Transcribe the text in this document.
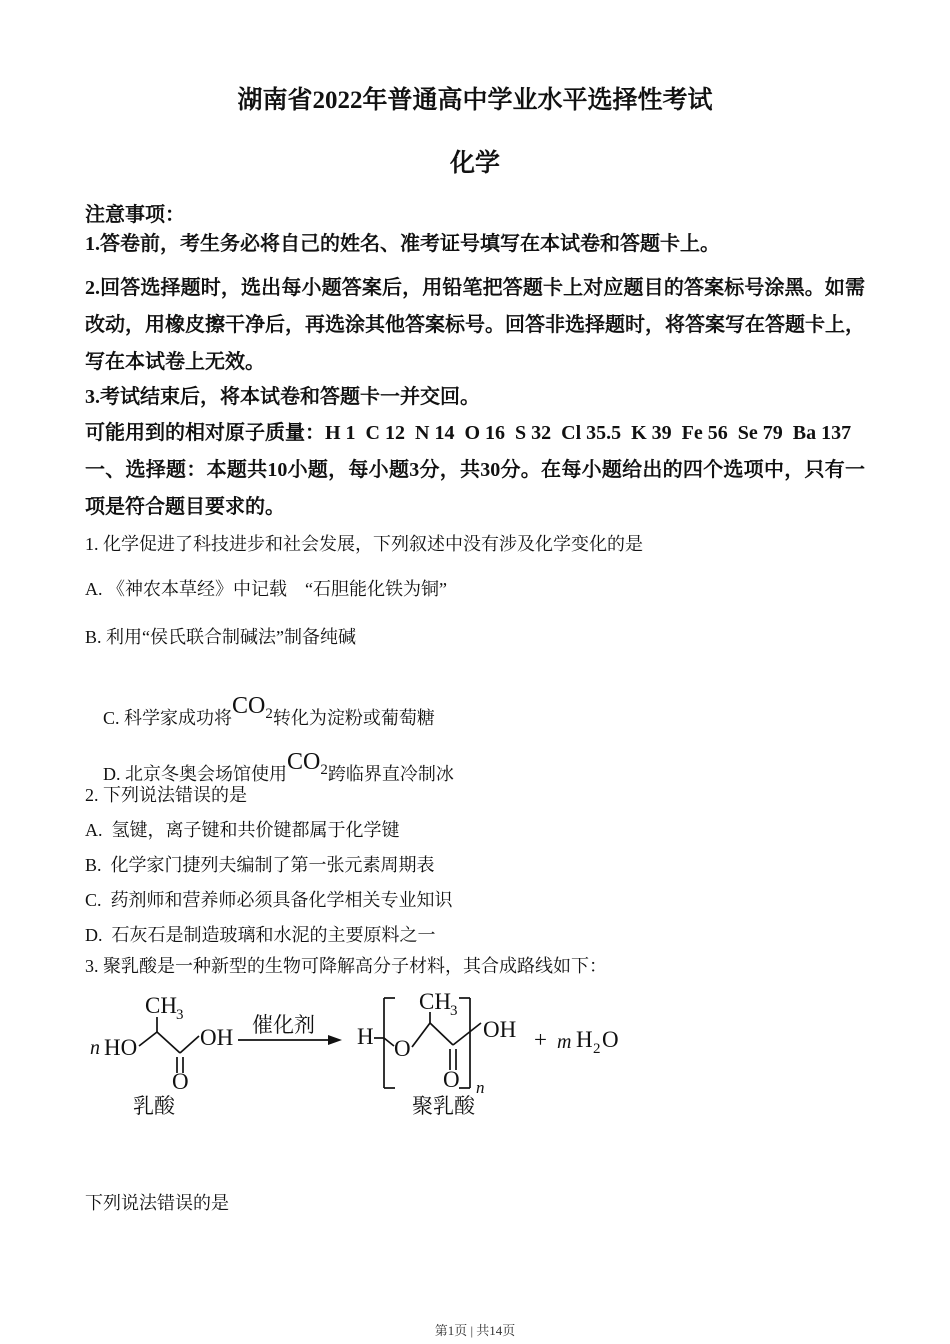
湖南省2022年普通高中学业水平选择性考试
化学
注意事项：
1.答卷前，考生务必将自己的姓名、准考证号填写在本试卷和答题卡上。
2.回答选择题时，选出每小题答案后，用铅笔把答题卡上对应题目的答案标号涂黑。如需改动，用橡皮擦干净后，再选涂其他答案标号。回答非选择题时，将答案写在答题卡上，写在本试卷上无效。
3.考试结束后，将本试卷和答题卡一并交回。
可能用到的相对原子质量：H 1  C 12  N 14  O 16  S 32  Cl 35.5  K 39  Fe 56  Se 79  Ba 137
一、选择题：本题共10小题，每小题3分，共30分。在每小题给出的四个选项中，只有一项是符合题目要求的。
1. 化学促进了科技进步和社会发展，下列叙述中没有涉及化学变化的是
A. 《神农本草经》中记载　“石胆能化铁为铜”
B. 利用“侯氏联合制碱法”制备纯碱

C. 科学家成功将$CO_2$转化为淀粉或葡萄糖

D. 北京冬奥会场馆使用$CO_2$跨临界直冷制冰

2. 下列说法错误的是
A.  氢键，离子键和共价键都属于化学键
B.  化学家门捷列夫编制了第一张元素周期表
C.  药剂师和营养师必须具备化学相关专业知识
D.  石灰石是制造玻璃和水泥的主要原料之一
3. 聚乳酸是一种新型的生物可降解高分子材料，其合成路线如下：
CH 3
n HO	OH
O
乳酸
催化剂 H O
CH 3
OH
O n
+ m H 2 O
聚乳酸
下列说法错误的是
第1页 | 共14页
